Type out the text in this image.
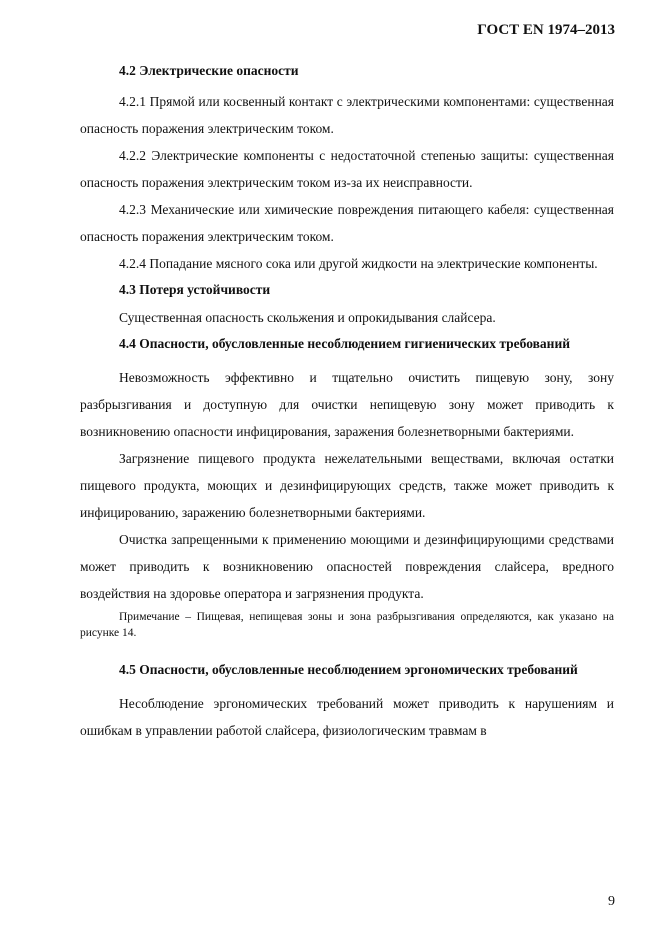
ГОСТ EN 1974–2013

4.2 Электрические опасности

4.2.1 Прямой или косвенный контакт с электрическими компонентами: существенная опасность поражения электрическим током.

4.2.2 Электрические компоненты с недостаточной степенью защиты: существенная опасность поражения электрическим током из-за их неисправности.

4.2.3 Механические или химические повреждения питающего кабеля: существенная опасность поражения электрическим током.

4.2.4 Попадание мясного сока или другой жидкости на электрические компоненты.

4.3 Потеря устойчивости

Существенная опасность скольжения и опрокидывания слайсера.

4.4 Опасности, обусловленные несоблюдением гигиенических требований

Невозможность эффективно и тщательно очистить пищевую зону, зону разбрызгивания и доступную для очистки непищевую зону может приводить к возникновению опасности инфицирования, заражения болезнетворными бактериями.

Загрязнение пищевого продукта нежелательными веществами, включая остатки пищевого продукта, моющих и дезинфицирующих средств, также может приводить к инфицированию, заражению болезнетворными бактериями.

Очистка запрещенными к применению моющими и дезинфицирующими средствами может приводить к возникновению опасностей повреждения слайсера, вредного воздействия на здоровье оператора и загрязнения продукта.

Примечание – Пищевая, непищевая зоны и зона разбрызгивания определяются, как указано на рисунке 14.

4.5 Опасности, обусловленные несоблюдением эргономических требований

Несоблюдение эргономических требований может приводить к нарушениям и ошибкам в управлении работой слайсера, физиологическим травмам в

9
